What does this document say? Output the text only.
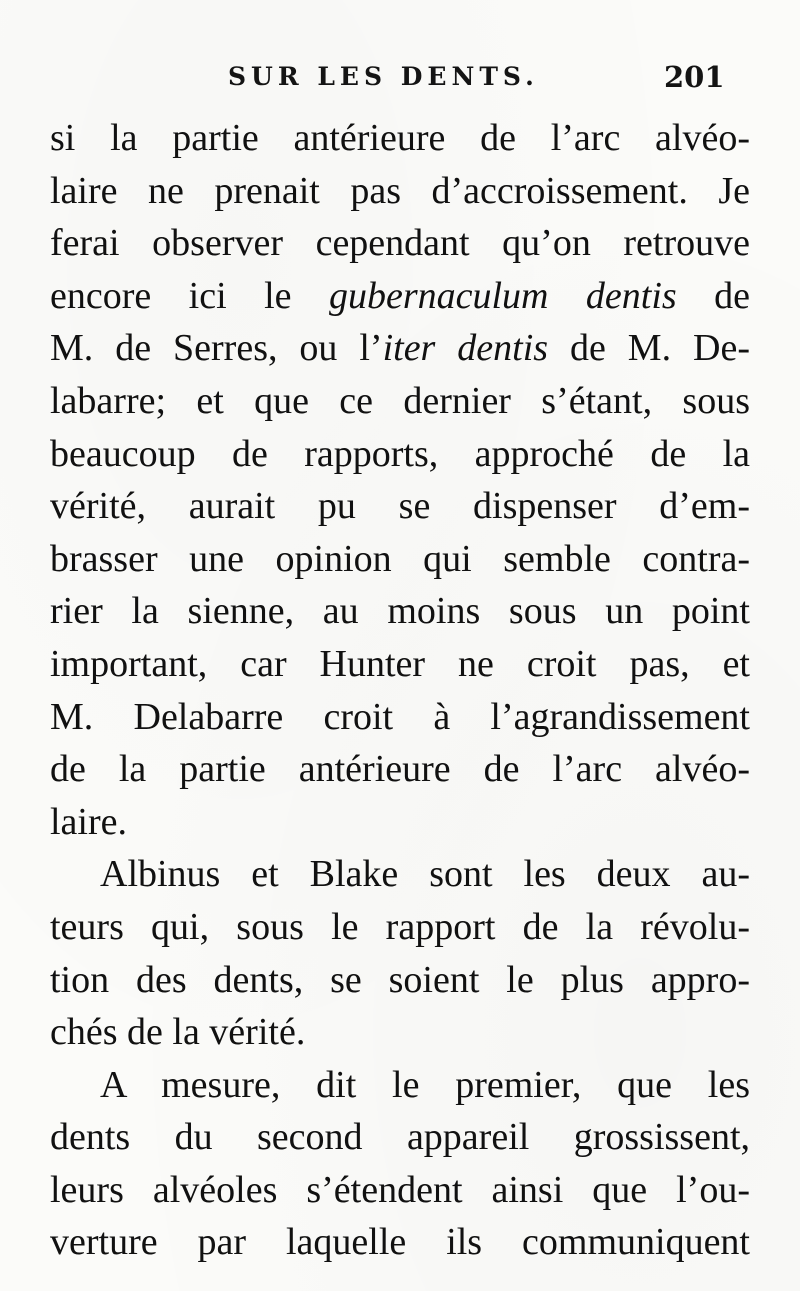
SUR LES DENTS.	201
si la partie antérieure de l’arc alvéo-
laire ne prenait pas d’accroissement. Je
ferai observer cependant qu’on retrouve
encore ici le gubernaculum dentis de
M. de Serres, ou l’iter dentis de M. De-
labarre; et que ce dernier s’étant, sous
beaucoup de rapports, approché de la
vérité, aurait pu se dispenser d’em-
brasser une opinion qui semble contra-
rier la sienne, au moins sous un point
important, car Hunter ne croit pas, et
M. Delabarre croit à l’agrandissement
de la partie antérieure de l’arc alvéo-
laire.
Albinus et Blake sont les deux au-
teurs qui, sous le rapport de la révolu-
tion des dents, se soient le plus appro-
chés de la vérité.
A mesure, dit le premier, que les
dents du second appareil grossissent,
leurs alvéoles s’étendent ainsi que l’ou-
verture par laquelle ils communiquent
